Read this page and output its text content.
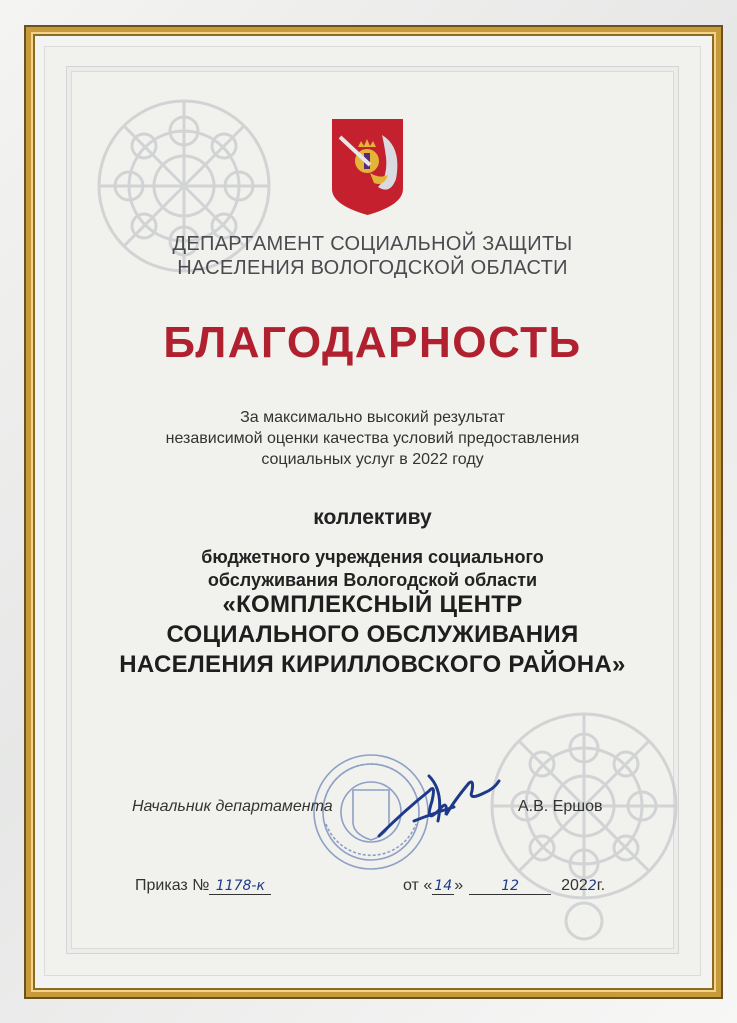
ДЕПАРТАМЕНТ СОЦИАЛЬНОЙ ЗАЩИТЫ
НАСЕЛЕНИЯ ВОЛОГОДСКОЙ ОБЛАСТИ
БЛАГОДАРНОСТЬ
За максимально высокий результат
независимой оценки качества условий предоставления
социальных услуг в 2022 году
коллективу
бюджетного учреждения социального
обслуживания Вологодской области
«КОМПЛЕКСНЫЙ ЦЕНТР
СОЦИАЛЬНОГО ОБСЛУЖИВАНИЯ
НАСЕЛЕНИЯ КИРИЛЛОВСКОГО РАЙОНА»
Начальник департамента	А.В. Ершов
Приказ № 1178-к	от « 14 »	12	2022г.
